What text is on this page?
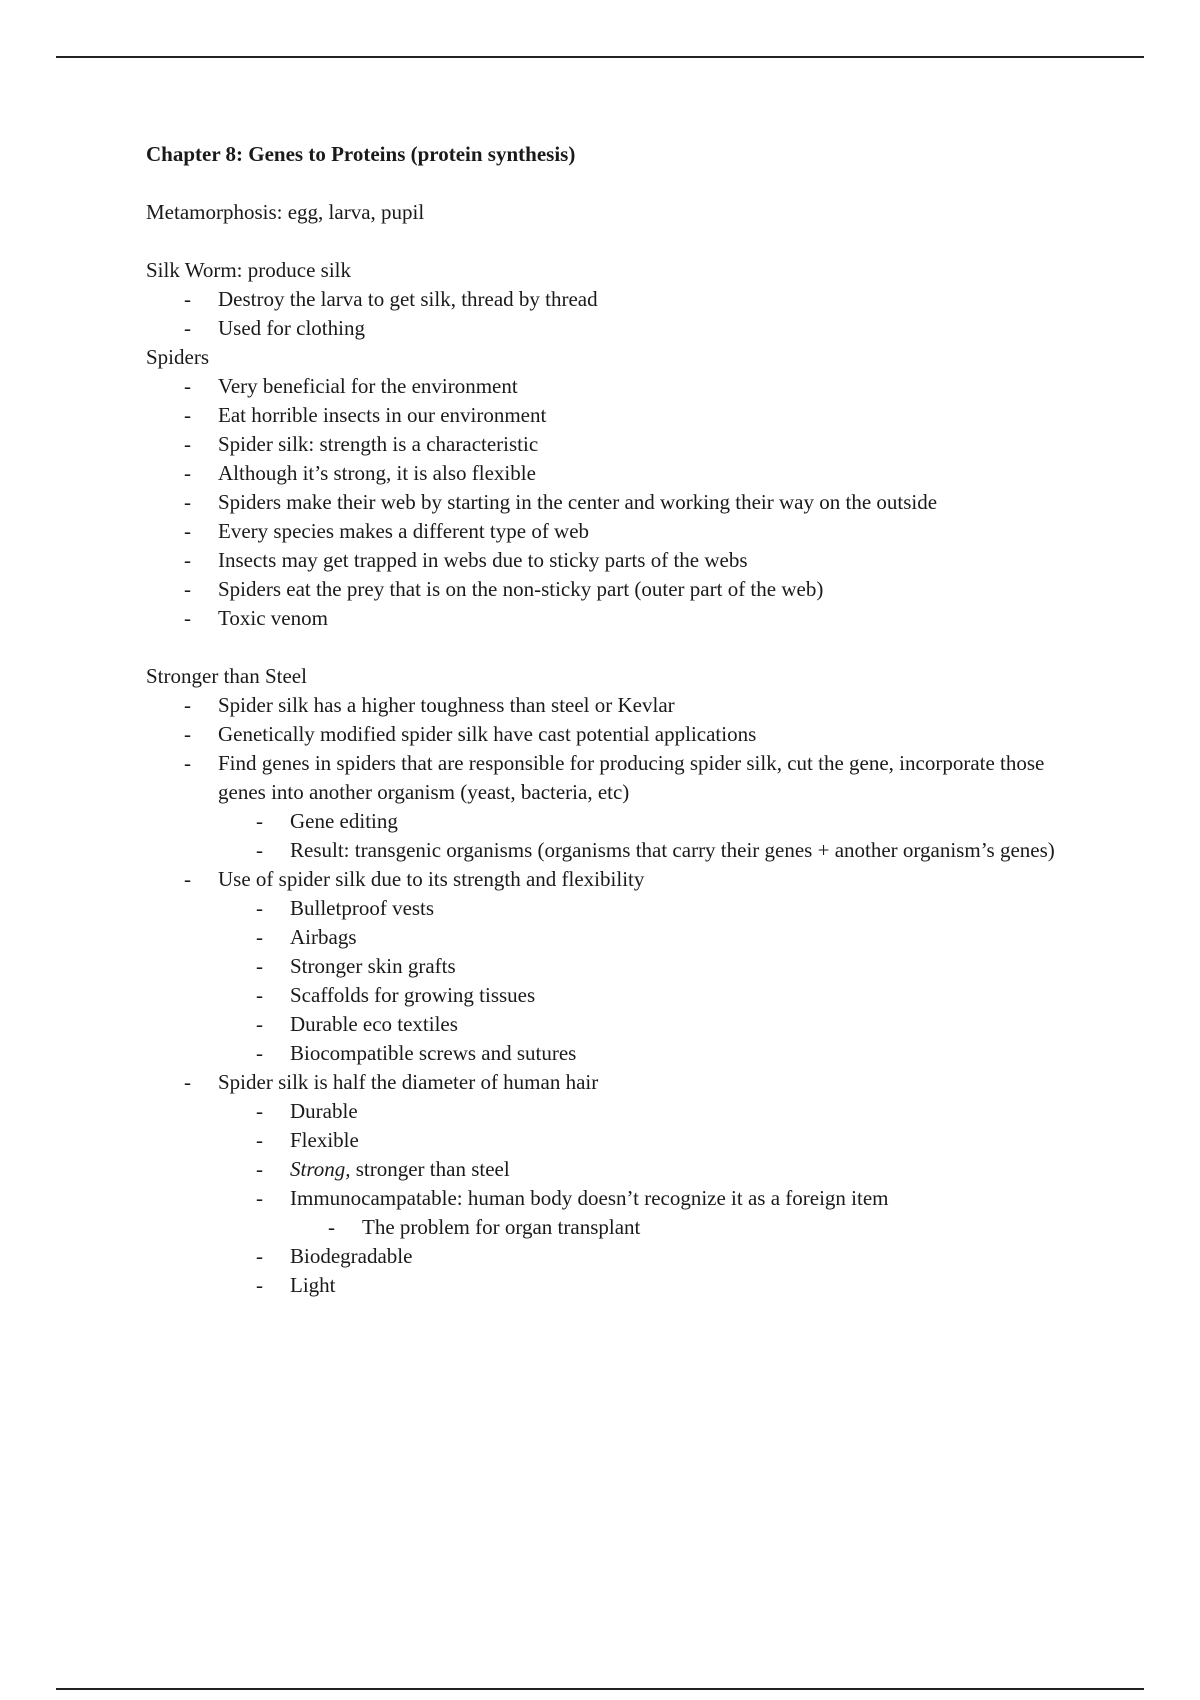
Chapter 8: Genes to Proteins (protein synthesis)

Metamorphosis: egg, larva, pupil

Silk Worm: produce silk

- Destroy the larva to get silk, thread by thread
- Used for clothing

Spiders

- Very beneficial for the environment
- Eat horrible insects in our environment
- Spider silk: strength is a characteristic
- Although it’s strong, it is also flexible
- Spiders make their web by starting in the center and working their way on the outside
- Every species makes a different type of web
- Insects may get trapped in webs due to sticky parts of the webs
- Spiders eat the prey that is on the non-sticky part (outer part of the web)
- Toxic venom

Stronger than Steel

- Spider silk has a higher toughness than steel or Kevlar
- Genetically modified spider silk have cast potential applications
- Find genes in spiders that are responsible for producing spider silk, cut the gene, incorporate those genes into another organism (yeast, bacteria, etc)
- Gene editing
- Result: transgenic organisms (organisms that carry their genes + another organism’s genes)
- Use of spider silk due to its strength and flexibility
- Bulletproof vests
- Airbags
- Stronger skin grafts
- Scaffolds for growing tissues
- Durable eco textiles
- Biocompatible screws and sutures
- Spider silk is half the diameter of human hair
- Durable
- Flexible
- Strong, stronger than steel
- Immunocampatable: human body doesn’t recognize it as a foreign item
- The problem for organ transplant
- Biodegradable
- Light
